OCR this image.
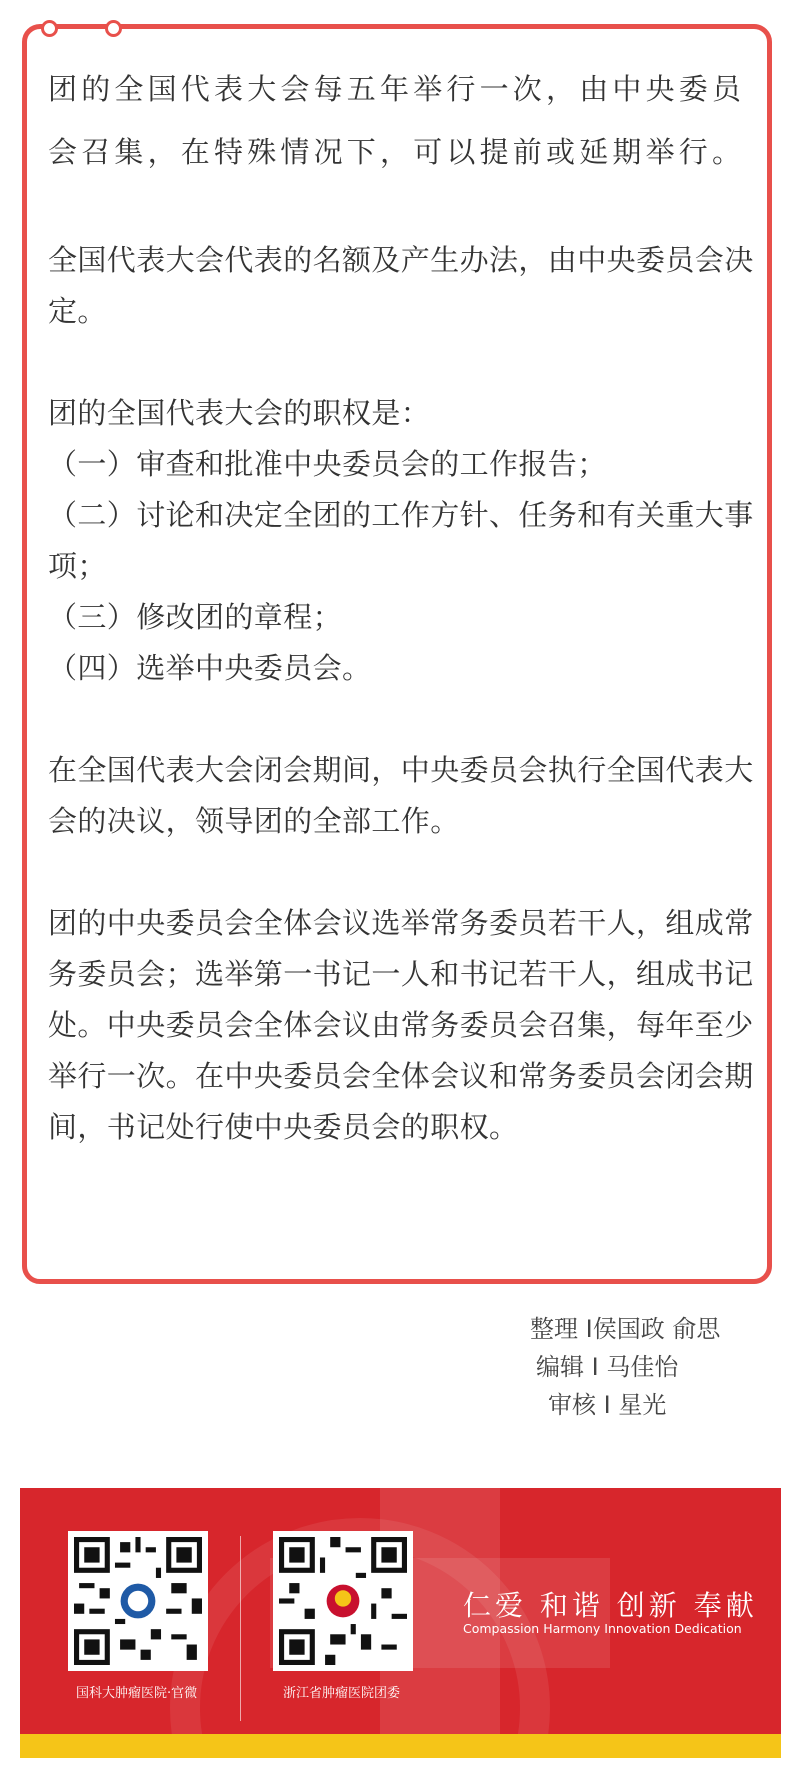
团的全国代表大会每五年举行一次，由中央委员会召集，在特殊情况下，可以提前或延期举行。

全国代表大会代表的名额及产生办法，由中央委员会决定。

团的全国代表大会的职权是：

（一）审查和批准中央委员会的工作报告；

（二）讨论和决定全团的工作方针、任务和有关重大事项；

（三）修改团的章程；

（四）选举中央委员会。

在全国代表大会闭会期间，中央委员会执行全国代表大会的决议，领导团的全部工作。

团的中央委员会全体会议选举常务委员若干人，组成常务委员会；选举第一书记一人和书记若干人，组成书记处。中央委员会全体会议由常务委员会召集，每年至少举行一次。在中央委员会全体会议和常务委员会闭会期间，书记处行使中央委员会的职权。

整理 I侯国政 俞思
编辑 I 马佳怡
审核 I 星光
国科大肿瘤医院·官微	浙江省肿瘤医院团委
仁爱 和谐 创新 奉献
Compassion Harmony Innovation Dedication
